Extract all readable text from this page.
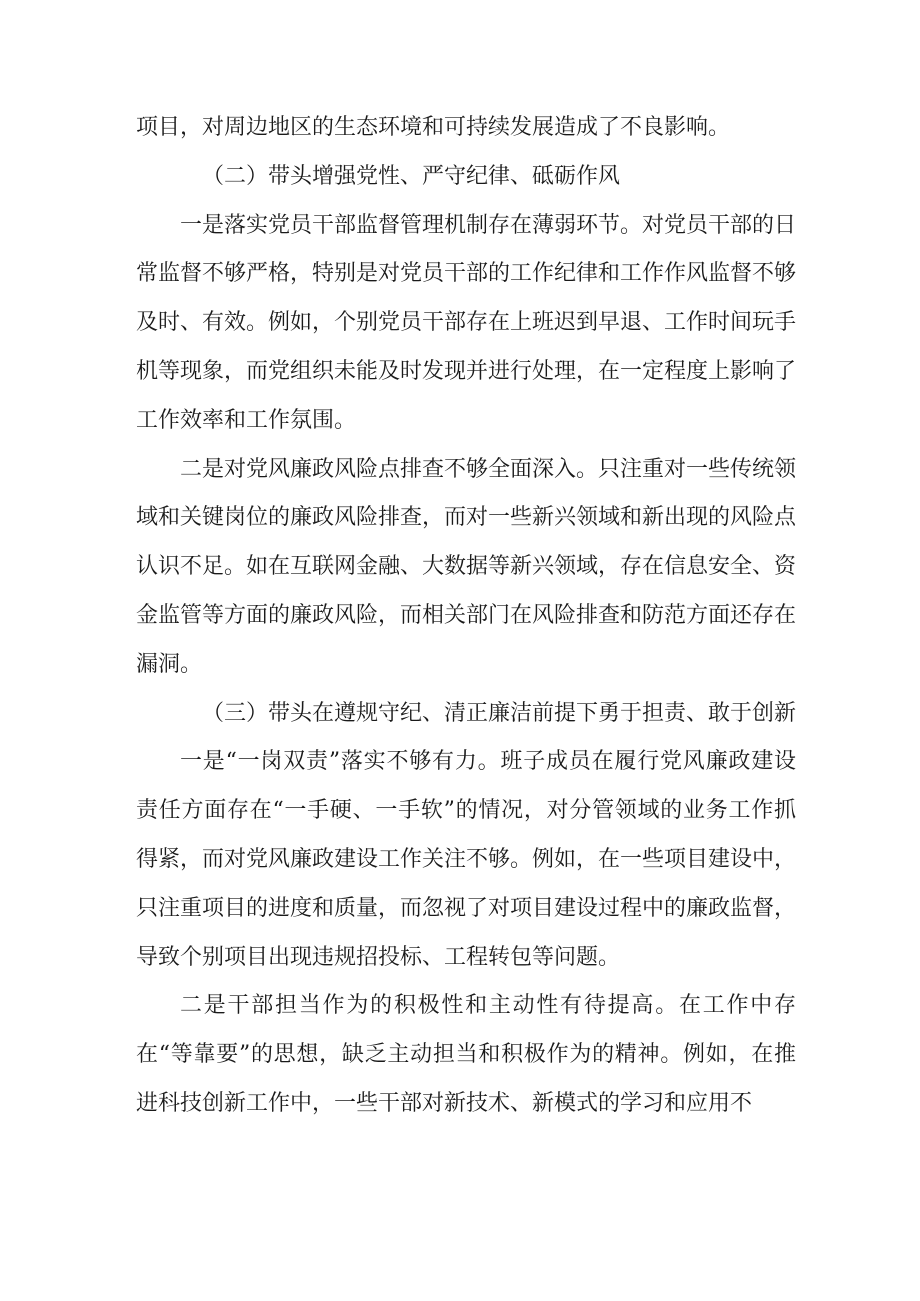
项目，对周边地区的生态环境和可持续发展造成了不良影响。

（二）带头增强党性、严守纪律、砥砺作风

一是落实党员干部监督管理机制存在薄弱环节。对党员干部的日常监督不够严格，特别是对党员干部的工作纪律和工作作风监督不够及时、有效。例如，个别党员干部存在上班迟到早退、工作时间玩手机等现象，而党组织未能及时发现并进行处理，在一定程度上影响了工作效率和工作氛围。

二是对党风廉政风险点排查不够全面深入。只注重对一些传统领域和关键岗位的廉政风险排查，而对一些新兴领域和新出现的风险点认识不足。如在互联网金融、大数据等新兴领域，存在信息安全、资金监管等方面的廉政风险，而相关部门在风险排查和防范方面还存在漏洞。

（三）带头在遵规守纪、清正廉洁前提下勇于担责、敢于创新

一是“一岗双责”落实不够有力。班子成员在履行党风廉政建设责任方面存在“一手硬、一手软”的情况，对分管领域的业务工作抓得紧，而对党风廉政建设工作关注不够。例如，在一些项目建设中，只注重项目的进度和质量，而忽视了对项目建设过程中的廉政监督，导致个别项目出现违规招投标、工程转包等问题。

二是干部担当作为的积极性和主动性有待提高。在工作中存在“等靠要”的思想，缺乏主动担当和积极作为的精神。例如，在推进科技创新工作中，一些干部对新技术、新模式的学习和应用不
